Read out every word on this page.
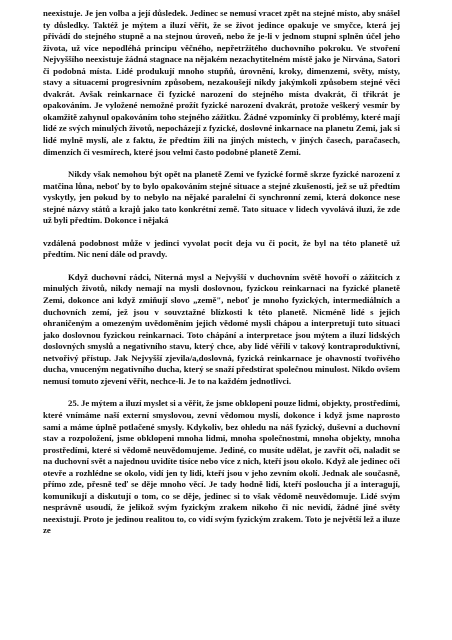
neexistuje. Je jen volba a její důsledek. Jedinec se nemusí vracet zpět na stejné místo, aby snášel ty důsledky. Taktéž je mýtem a iluzí věřit, že se život jedince opakuje ve smyčce, která jej přivádí do stejného stupně a na stejnou úroveň, nebo že je-li v jednom stupni splněn účel jeho života, už více nepodléhá principu věčného, nepřetržitého duchovního pokroku. Ve stvoření Nejvyššího neexistuje žádná stagnace na nějakém nezachytitelném místě jako je Nirvána, Satori či podobná místa. Lidé produkují mnoho stupňů, úrovnění, kroky, dimenzemi, světy, místy, stavy a situacemi progresivním způsobem, nezakoušejí nikdy jakýmkoli způsobem stejné věci dvakrát. Avšak reinkarnace či fyzické narození do stejného místa dvakrát, či třikrát je opakováním. Je vyložené nemožné prožít fyzické narození dvakrát, protože veškerý vesmír by okamžitě zahynul opakováním toho stejného zážitku. Žádné vzpomínky či problémy, které mají lidé ze svých minulých životů, nepocházejí z fyzické, doslovné inkarnace na planetu Zemi, jak si lidé mylně myslí, ale z faktu, že předtím žili na jiných místech, v jiných časech, paračasech, dimenzích či vesmírech, které jsou velmi často podobné planetě Zemi.

Nikdy však nemohou být opět na planetě Zemi ve fyzické formě skrze fyzické narození z matčina lůna, neboť by to bylo opakováním stejné situace a stejné zkušenosti, jež se už předtím vyskytly, jen pokud by to nebylo na nějaké paralelní či synchronní zemi, která dokonce nese stejné názvy států a krajů jako tato konkrétní země. Tato situace v lidech vyvolává iluzi, že zde už byli předtím. Dokonce i nějaká

vzdálená podobnost může v jedinci vyvolat pocit deja vu či pocit, že byl na této planetě už předtím. Nic není dále od pravdy.

Když duchovní rádci, Niterná mysl a Nejvyšší v duchovním světě hovoří o zážitcích z minulých životů, nikdy nemají na mysli doslovnou, fyzickou reinkarnaci na fyzické planetě Zemi, dokonce ani když zmiňují slovo „země", neboť je mnoho fyzických, intermediálních a duchovních zemí, jež jsou v souvztažné blízkosti k této planetě. Nicméně lidé s jejich ohraničeným a omezeným uvědoměním jejich vědomé mysli chápou a interpretují tuto situaci jako doslovnou fyzickou reinkarnaci. Toto chápání a interpretace jsou mýtem a iluzí lidských doslovných smyslů a negativního stavu, který chce, aby lidé věřili v takový kontraproduktivní, netvořivý přístup. Jak Nejvyšší zjevila/a,doslovná, fyzická reinkarnace je ohavností tvořivého ducha, vnuceným negativního ducha, který se snaží předstírat společnou minulost. Nikdo ovšem nemusí tomuto zjevení věřit, nechce-li. Je to na každém jednotlivci.

25. Je mýtem a iluzí myslet si a věřit, že jsme obklopeni pouze lidmi, objekty, prostředími, které vnímáme naší externí smyslovou, zevní vědomou myslí, dokonce i když jsme naprosto sami a máme úplně potlačené smysly. Kdykoliv, bez ohledu na náš fyzický, duševní a duchovní stav a rozpoložení, jsme obklopeni mnoha lidmi, mnoha společnostmi, mnoha objekty, mnoha prostředími, které si vědomě neuvědomujeme. Jediné, co musíte udělat, je zavřít oči, naladit se na duchovní svět a najednou uvidíte tisíce nebo více z nich, kteří jsou okolo. Když ale jedinec oči otevře a rozhlédne se okolo, vidí jen ty lidi, kteří jsou v jeho zevním okolí. Jednak ale současně, přímo zde, přesně teď se děje mnoho věcí. Je tady hodně lidí, kteří posloucha jí a interagují, komunikují a diskutují o tom, co se děje, jedinec si to však vědomě neuvědomuje. Lidé svým nesprávně usoudí, že jelikož svým fyzickým zrakem nikoho či nic nevidí, žádné jiné světy neexistují. Proto je jedinou realitou to, co vidí svým fyzickým zrakem. Toto je největší lež a iluze ze
